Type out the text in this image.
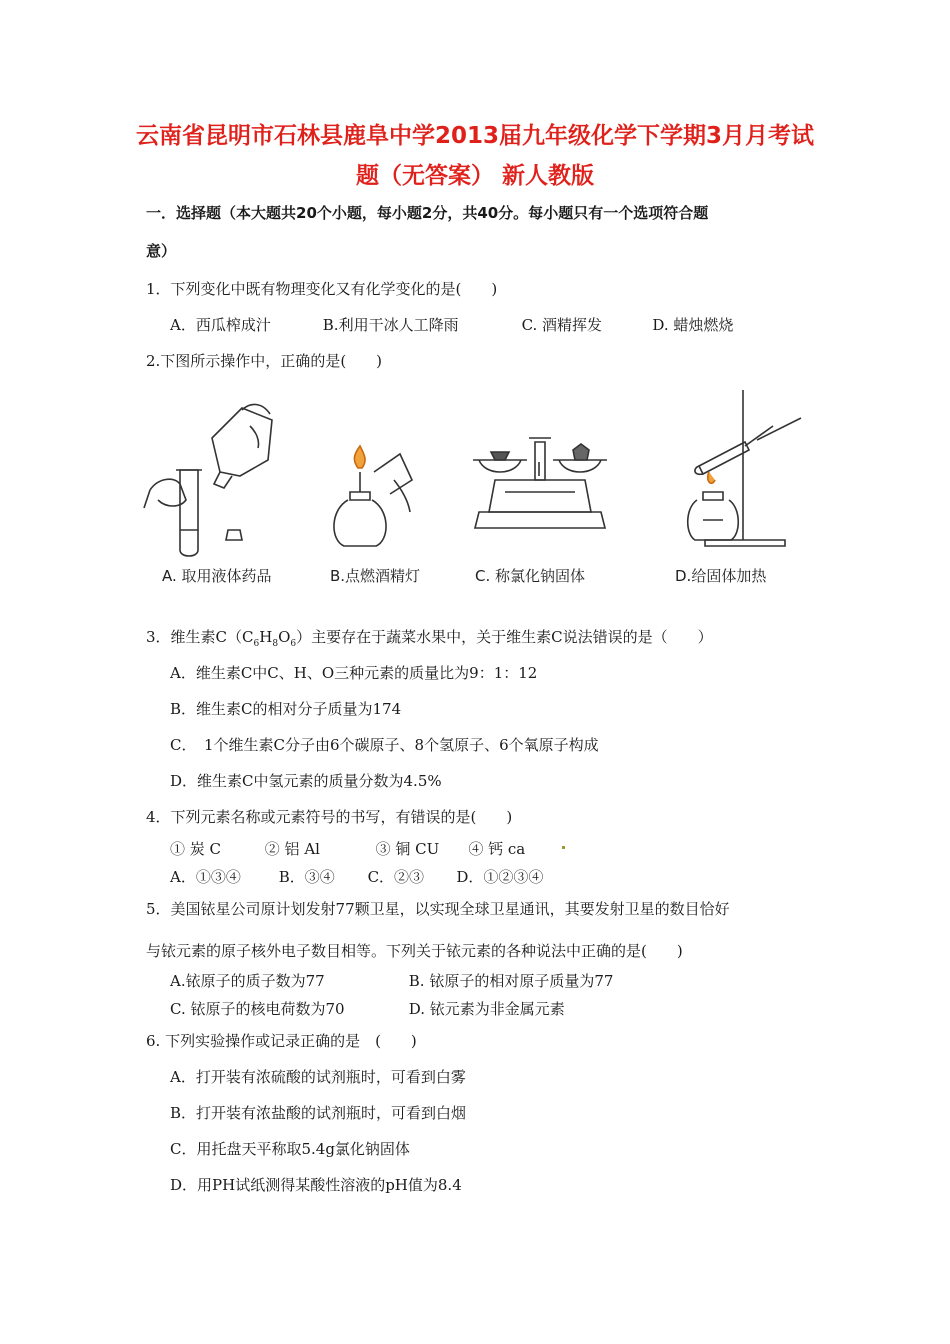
云南省昆明市石林县鹿阜中学2013届九年级化学下学期3月月考试
题（无答案） 新人教版
一．选择题（本大题共20个小题，每小题2分，共40分。每小题只有一个选项符合题
意）
1．下列变化中既有物理变化又有化学变化的是(　　)
A．西瓜榨成汁	B.利用干冰人工降雨	C. 酒精挥发	D. 蜡烛燃烧
2.下图所示操作中，正确的是(　　)
A. 取用液体药品	B.点燃酒精灯	C. 称氯化钠固体	D.给固体加热
3．维生素$C(C_6H_8O_6)$主要存在于蔬菜水果中，关于维生素C说法错误的是（　　）
A．维生素C中C、H、O三种元素的质量比为9：1：12
B．维生素C的相对分子质量为174
C．　1个维生素C分子由6个碳原子、8个氢原子、6个氧原子构成
D．维生素C中氢元素的质量分数为4.5%
4．下列元素名称或元素符号的书写，有错误的是(　　)
① 炭 C	② 铝 Al	③ 铜 CU ④ 钙 ca
A．①③④	B．③④ C．②③ D．①②③④
5．美国铱星公司原计划发射77颗卫星，以实现全球卫星通讯，其要发射卫星的数目恰好
与铱元素的原子核外电子数目相等。下列关于铱元素的各种说法中正确的是(　　)
A.铱原子的质子数为77	B. 铱原子的相对原子质量为77
C. 铱原子的核电荷数为70	D. 铱元素为非金属元素
6. 下列实验操作或记录正确的是　(　　)
A．打开装有浓硫酸的试剂瓶时，可看到白雾
B．打开装有浓盐酸的试剂瓶时，可看到白烟
C．用托盘天平称取5.4g氯化钠固体
D．用PH试纸测得某酸性溶液的pH值为8.4
